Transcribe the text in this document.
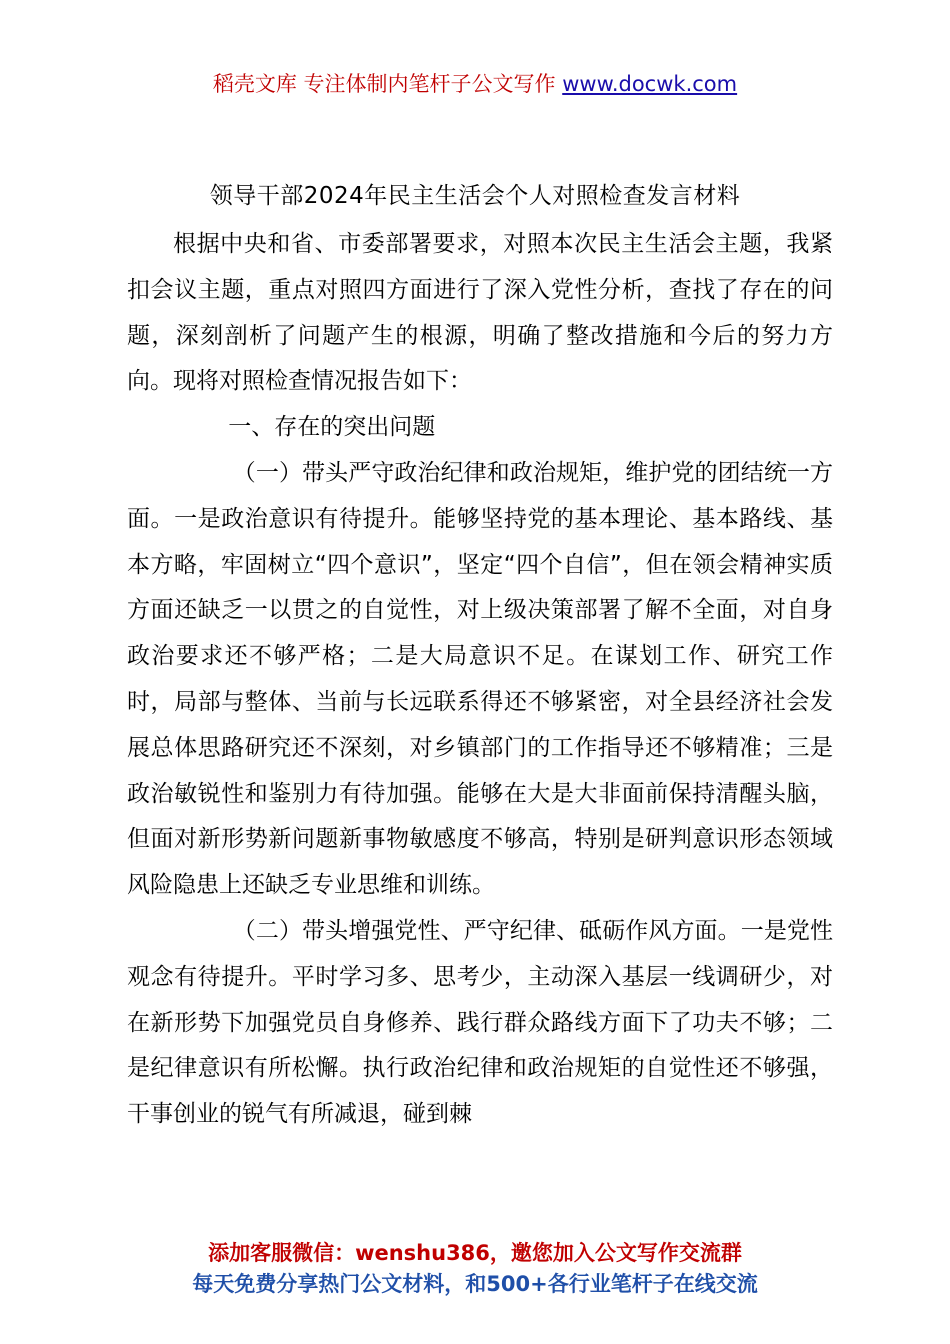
稻壳文库 专注体制内笔杆子公文写作 www.docwk.com
领导干部2024年民主生活会个人对照检查发言材料

根据中央和省、市委部署要求，对照本次民主生活会主题，我紧扣会议主题，重点对照四方面进行了深入党性分析，查找了存在的问题，深刻剖析了问题产生的根源，明确了整改措施和今后的努力方向。现将对照检查情况报告如下：

一、存在的突出问题

（一）带头严守政治纪律和政治规矩，维护党的团结统一方面。一是政治意识有待提升。能够坚持党的基本理论、基本路线、基本方略，牢固树立“四个意识”，坚定“四个自信”，但在领会精神实质方面还缺乏一以贯之的自觉性，对上级决策部署了解不全面，对自身政治要求还不够严格；二是大局意识不足。在谋划工作、研究工作时，局部与整体、当前与长远联系得还不够紧密，对全县经济社会发展总体思路研究还不深刻，对乡镇部门的工作指导还不够精准；三是政治敏锐性和鉴别力有待加强。能够在大是大非面前保持清醒头脑，但面对新形势新问题新事物敏感度不够高，特别是研判意识形态领域风险隐患上还缺乏专业思维和训练。

（二）带头增强党性、严守纪律、砥砺作风方面。一是党性观念有待提升。平时学习多、思考少，主动深入基层一线调研少，对在新形势下加强党员自身修养、践行群众路线方面下了功夫不够；二是纪律意识有所松懈。执行政治纪律和政治规矩的自觉性还不够强，干事创业的锐气有所减退，碰到棘

添加客服微信：wenshu386，邀您加入公文写作交流群
每天免费分享热门公文材料，和500+各行业笔杆子在线交流
